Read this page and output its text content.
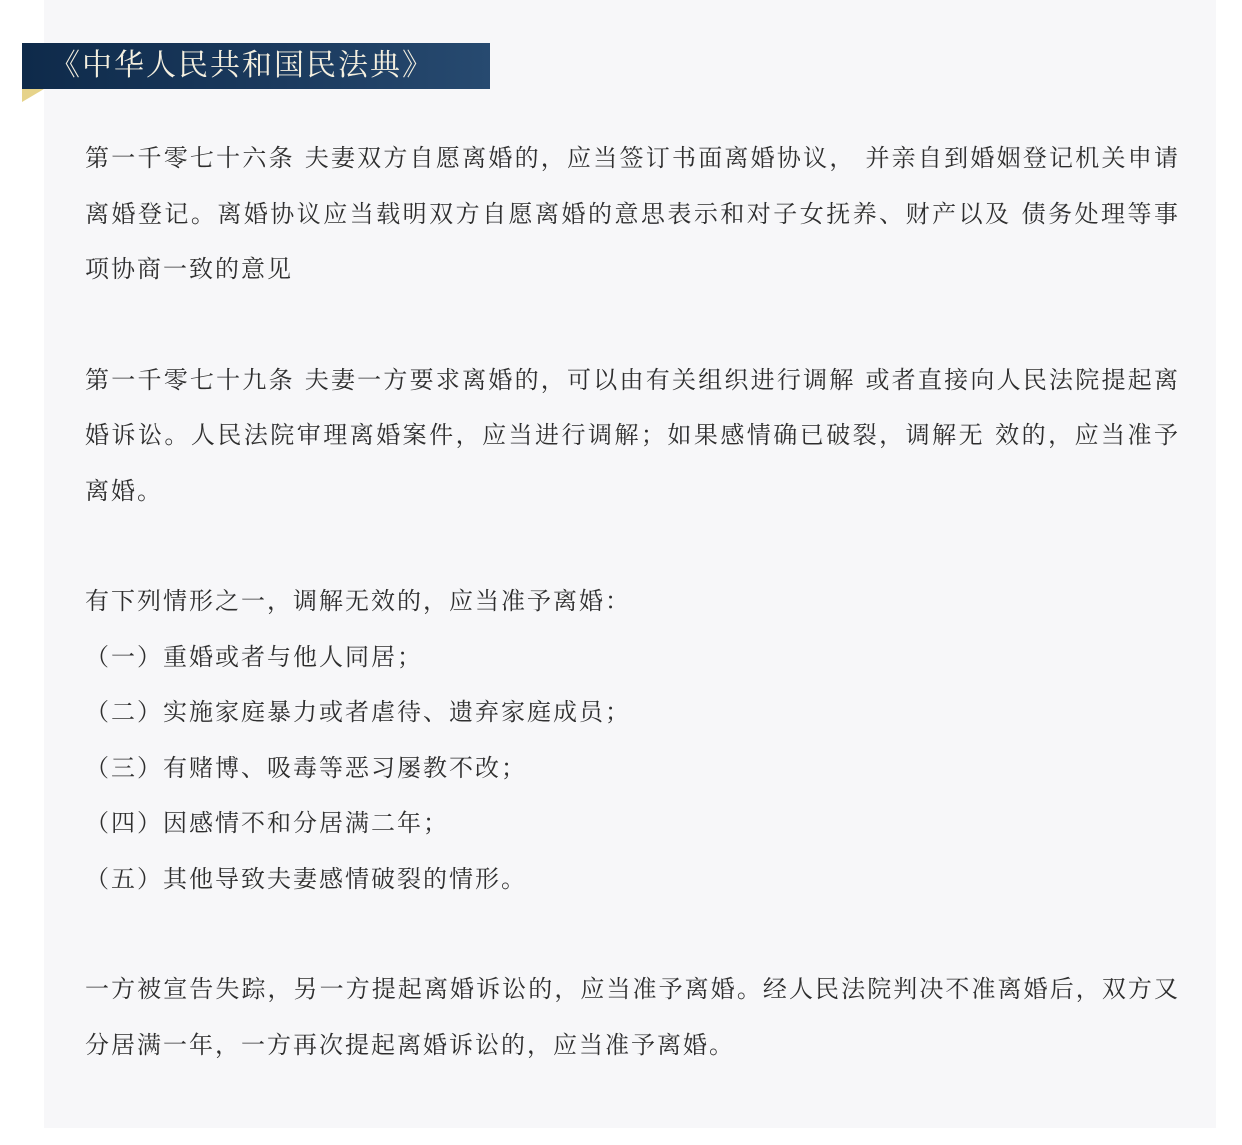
《中华人民共和国民法典》

第一千零七十六条 夫妻双方自愿离婚的，应当签订书面离婚协议， 并亲自到婚姻登记机关申请离婚登记。离婚协议应当载明双方自愿离婚的意思表示和对子女抚养、财产以及 债务处理等事项协商一致的意见

第一千零七十九条 夫妻一方要求离婚的，可以由有关组织进行调解 或者直接向人民法院提起离婚诉讼。人民法院审理离婚案件，应当进行调解；如果感情确已破裂，调解无 效的，应当准予离婚。

有下列情形之一，调解无效的，应当准予离婚：

（一）重婚或者与他人同居；

（二）实施家庭暴力或者虐待、遗弃家庭成员；

（三）有赌博、吸毒等恶习屡教不改；

（四）因感情不和分居满二年；

（五）其他导致夫妻感情破裂的情形。

一方被宣告失踪，另一方提起离婚诉讼的，应当准予离婚。经人民法院判决不准离婚后，双方又分居满一年，一方再次提起离婚诉讼的，应当准予离婚。
